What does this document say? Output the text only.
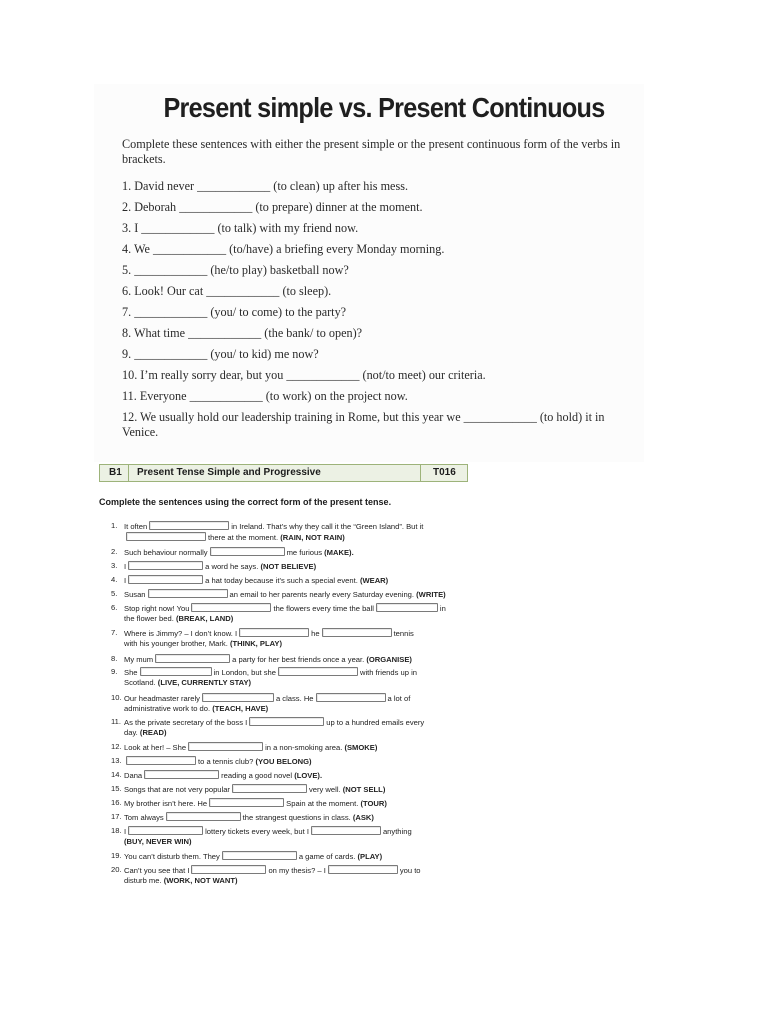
Present simple vs. Present Continuous

Complete these sentences with either the present simple or the present continuous form of the verbs in brackets.

1. David never ____________ (to clean) up after his mess.
2. Deborah ____________ (to prepare) dinner at the moment.
3. I ____________ (to talk) with my friend now.
4. We ____________ (to/have) a briefing every Monday morning.
5. ____________ (he/to play) basketball now?
6. Look! Our cat ____________ (to sleep).
7. ____________ (you/ to come) to the party?
8. What time ____________ (the bank/ to open)?
9. ____________ (you/ to kid) me now?
10. I’m really sorry dear, but you ____________ (not/to meet) our criteria.
11. Everyone ____________ (to work) on the project now.
12. We usually hold our leadership training in Rome, but this year we ____________ (to hold) it in Venice.
B1 Present Tense Simple and Progressive	T016
Complete the sentences using the correct form of the present tense.
1. It often	in Ireland. That’s why they call it the “Green Island”. But it
there at the moment. (RAIN, NOT RAIN)
2. Such behaviour normally	me furious (MAKE).
3. I	a word he says. (NOT BELIEVE)
4. I	a hat today because it’s such a special event. (WEAR)
5. Susan	an email to her parents nearly every Saturday evening. (WRITE)
6. Stop right now! You	the flowers every time the ball	in
the flower bed. (BREAK, LAND)
7. Where is Jimmy? – I don’t know. I	he	tennis
with his younger brother, Mark. (THINK, PLAY)
8. My mum	a party for her best friends once a year. (ORGANISE)
9. She	in London, but she	with friends up in
Scotland. (LIVE, CURRENTLY STAY)
10. Our headmaster rarely	a class. He	a lot of
administrative work to do. (TEACH, HAVE)
11. As the private secretary of the boss I	up to a hundred emails every
day. (READ)
12. Look at her! – She	in a non-smoking area. (SMOKE)
13.	to a tennis club? (YOU BELONG)
14. Dana	reading a good novel (LOVE).
15. Songs that are not very popular	very well. (NOT SELL)
16. My brother isn’t here. He	Spain at the moment. (TOUR)
17. Tom always	the strangest questions in class. (ASK)
18. I	lottery tickets every week, but I	anything
(BUY, NEVER WIN)
19. You can’t disturb them. They	a game of cards. (PLAY)
20. Can’t you see that I	on my thesis? – I	you to
disturb me. (WORK, NOT WANT)
